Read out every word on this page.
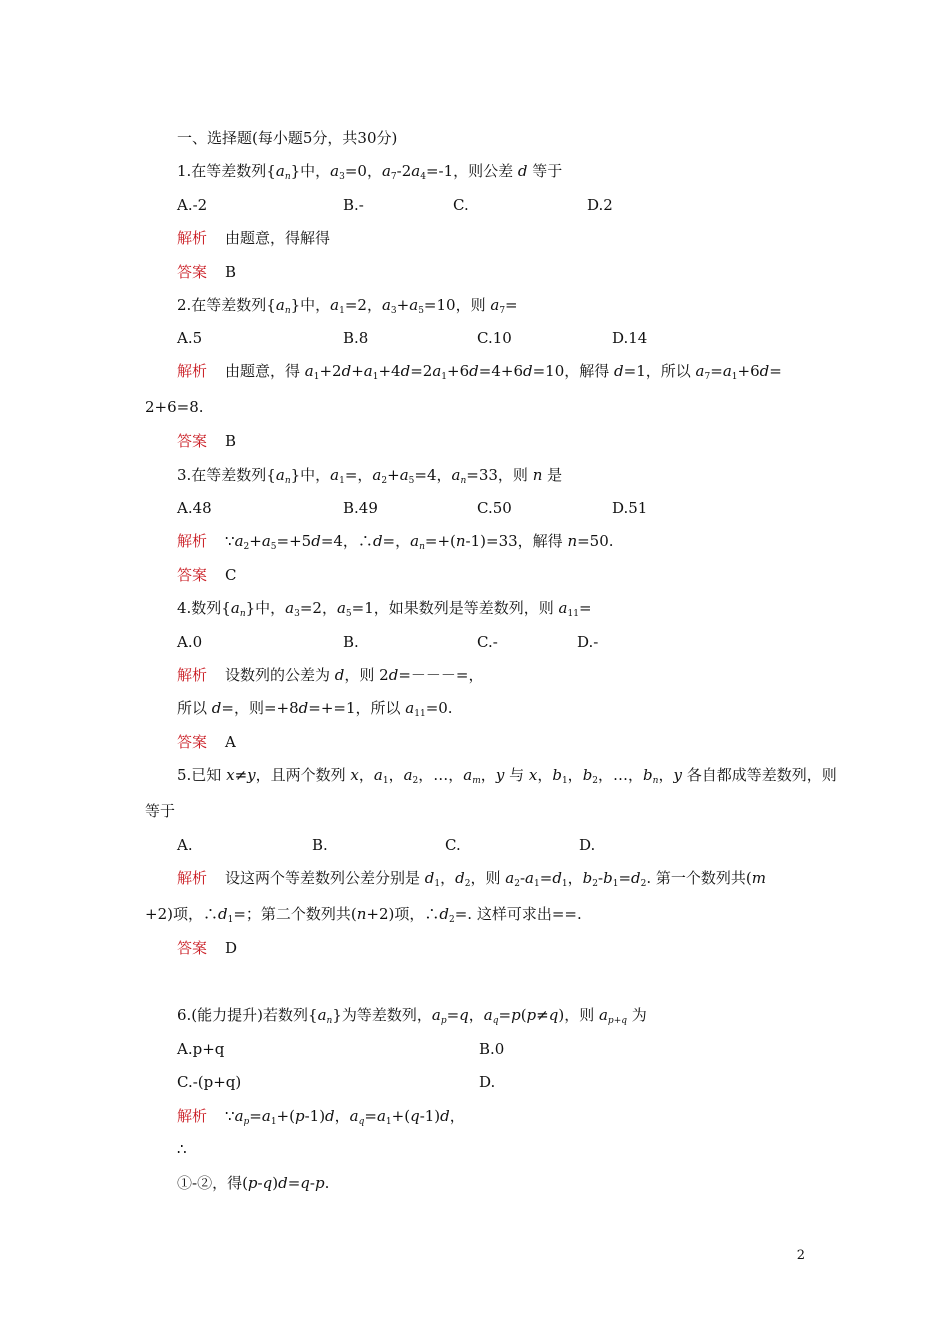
一、选择题(每小题5分，共30分)
1.在等差数列$\{a_n\}$中，$a_3=0$，$a_7-2a_4=-1$，则公差 d 等于
A.-2	B.-	C.	D.2
解析 由题意，得解得
答案 B
2.在等差数列$\{a_n\}$中，$a_1=2$，$a_3+a_5=10$，则 $a_7=$
A.5	B.8	C.10	D.14
解析 由题意，得 $a_1+2d+a_1+4d=2a_1+6d=4+6d=10$，解得 d=1，所以 $a_7=a_1+6d=$
2+6=8.
答案 B
3.在等差数列$\{a_n\}$中，$a_1=$，$a_2+a_5=4$，$a_n=33$，则 n 是
A.48	B.49	C.50	D.51
解析 $\because a_2+a_5=+5d=4$，∴d=，$a_n=+(n-1)=33$，解得 n=50.
答案 C
4.数列$\{a_n\}$中，$a_3=2$，$a_5=1$，如果数列是等差数列，则 $a_{11}=$
A.0	B.	C.-	D.-
解析 设数列的公差为 d，则 2d=－－－=，
所以 d=，则=+8d=+=1，所以 $a_{11}=0$.
答案 A
5.已知 x≠y，且两个数列 x，$a_1$，$a_2$，…，$a_m$，y 与 x，$b_1$，$b_2$，…，$b_n$，y 各自都成等差数列，则
等于
A.	B.	C.	D.
解析 设这两个等差数列公差分别是 $d_1$，$d_2$，则 $a_2-a_1=d_1$，$b_2-b_1=d_2$. 第一个数列共(m
+2)项，$\therefore d_1=$；第二个数列共(n+2)项，$\therefore d_2=$. 这样可求出==.
答案 D
6.(能力提升)若数列$\{a_n\}$为等差数列，$a_p=q$，$a_q=p(p\ne q)$，则 $a_{p+q}$ 为
A.p+q	B.0
C.-(p+q)	D.
解析 $\because a_p=a_1+(p-1)d$，$a_q=a_1+(q-1)d$，
∴
①-②，得(p-q)d=q-p.
2
